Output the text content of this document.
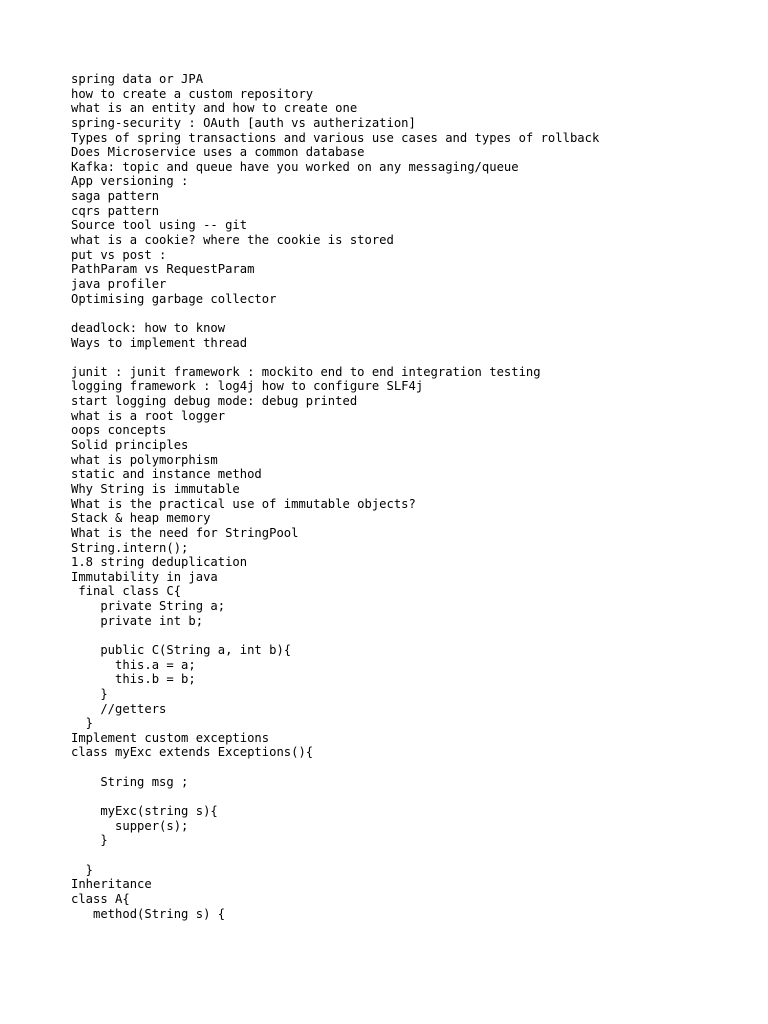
spring data or JPA
how to create a custom repository
what is an entity and how to create one
spring-security : OAuth [auth vs autherization]
Types of spring transactions and various use cases and types of rollback
Does Microservice uses a common database
Kafka: topic and queue have you worked on any messaging/queue
App versioning :
saga pattern
cqrs pattern
Source tool using -- git
what is a cookie? where the cookie is stored
put vs post :
PathParam vs RequestParam
java profiler
Optimising garbage collector
deadlock: how to know
Ways to implement thread
junit : junit framework : mockito end to end integration testing
logging framework : log4j how to configure SLF4j
start logging debug mode: debug printed
what is a root logger
oops concepts
Solid principles
what is polymorphism
static and instance method
Why String is immutable
What is the practical use of immutable objects?
Stack & heap memory
What is the need for StringPool
String.intern();
1.8 string deduplication
Immutability in java
final class C{
private String a;
private int b;
public C(String a, int b){
this.a = a;
this.b = b;
}
//getters
}
Implement custom exceptions
class myExc extends Exceptions(){
String msg ;
myExc(string s){
supper(s);
}
}
Inheritance
class A{
method(String s) {
